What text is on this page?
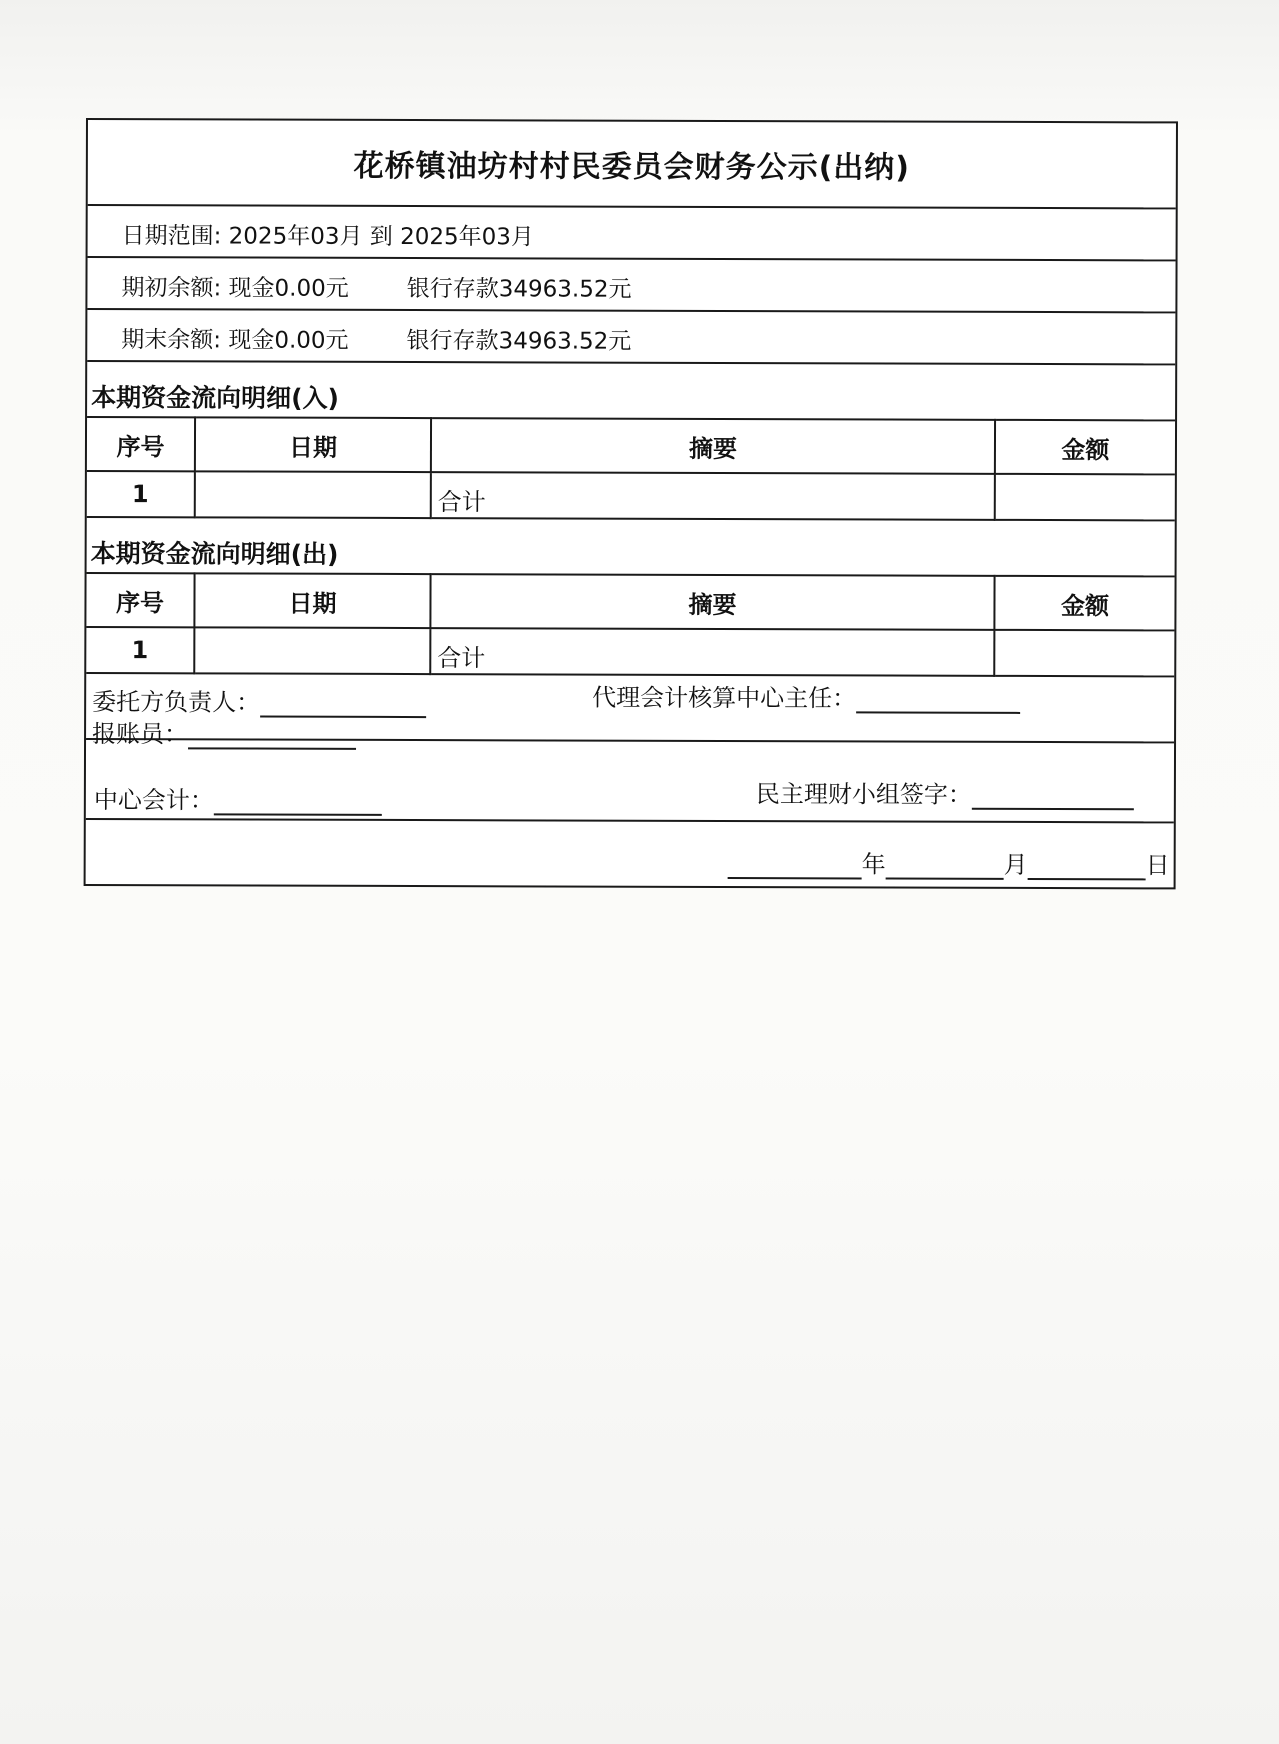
花桥镇油坊村村民委员会财务公示(出纳)
日期范围: 2025年03月 到 2025年03月
期初余额: 现金0.00元	银行存款34963.52元
期末余额: 现金0.00元	银行存款34963.52元
本期资金流向明细(入)
序号	日期	摘要	金额
1		合计	
本期资金流向明细(出)
序号	日期	摘要	金额
1		合计	
委托方负责人：	代理会计核算中心主任：
报账员：
中心会计：	民主理财小组签字：
年	月	日
